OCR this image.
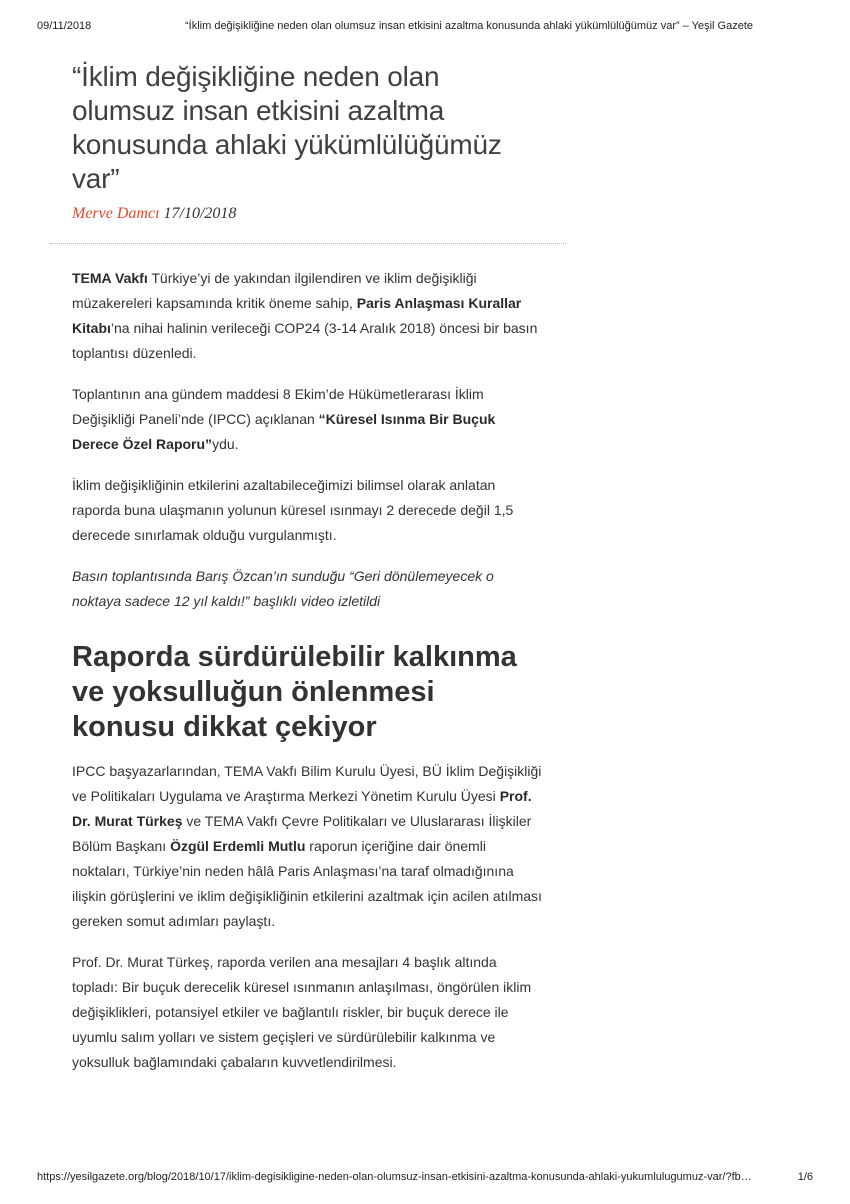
09/11/2018	“İklim değişikliğine neden olan olumsuz insan etkisini azaltma konusunda ahlaki yükümlülüğümüz var” – Yeşil Gazete
“İklim değişikliğine neden olan olumsuz insan etkisini azaltma konusunda ahlaki yükümlülüğümüz var”
Merve Damcı 17/10/2018

TEMA Vakfı Türkiye’yi de yakından ilgilendiren ve iklim değişikliği müzakereleri kapsamında kritik öneme sahip, Paris Anlaşması Kurallar Kitabı’na nihai halinin verileceği COP24 (3-14 Aralık 2018) öncesi bir basın toplantısı düzenledi.

Toplantının ana gündem maddesi 8 Ekim’de Hükümetlerarası İklim Değişikliği Paneli’nde (IPCC) açıklanan “Küresel Isınma Bir Buçuk Derece Özel Raporu”ydu.

İklim değişikliğinin etkilerini azaltabileceğimizi bilimsel olarak anlatan raporda buna ulaşmanın yolunun küresel ısınmayı 2 derecede değil 1,5 derecede sınırlamak olduğu vurgulanmıştı.

Basın toplantısında Barış Özcan’ın sunduğu “Geri dönülemeyecek o noktaya sadece 12 yıl kaldı!” başlıklı video izletildi

Raporda sürdürülebilir kalkınma ve yoksulluğun önlenmesi konusu dikkat çekiyor

IPCC başyazarlarından, TEMA Vakfı Bilim Kurulu Üyesi, BÜ İklim Değişikliği ve Politikaları Uygulama ve Araştırma Merkezi Yönetim Kurulu Üyesi Prof. Dr. Murat Türkeş ve TEMA Vakfı Çevre Politikaları ve Uluslararası İlişkiler Bölüm Başkanı Özgül Erdemli Mutlu raporun içeriğine dair önemli noktaları, Türkiye’nin neden hâlâ Paris Anlaşması’na taraf olmadığınına ilişkin görüşlerini ve iklim değişikliğinin etkilerini azaltmak için acilen atılması gereken somut adımları paylaştı.

Prof. Dr. Murat Türkeş, raporda verilen ana mesajları 4 başlık altında topladı: Bir buçuk derecelik küresel ısınmanın anlaşılması, öngörülen iklim değişiklikleri, potansiyel etkiler ve bağlantılı riskler, bir buçuk derece ile uyumlu salım yolları ve sistem geçişleri ve sürdürülebilir kalkınma ve yoksulluk bağlamındaki çabaların kuvvetlendirilmesi.

https://yesilgazete.org/blog/2018/10/17/iklim-degisikligine-neden-olan-olumsuz-insan-etkisini-azaltma-konusunda-ahlaki-yukumlulugumuz-var/?fb…	1/6
